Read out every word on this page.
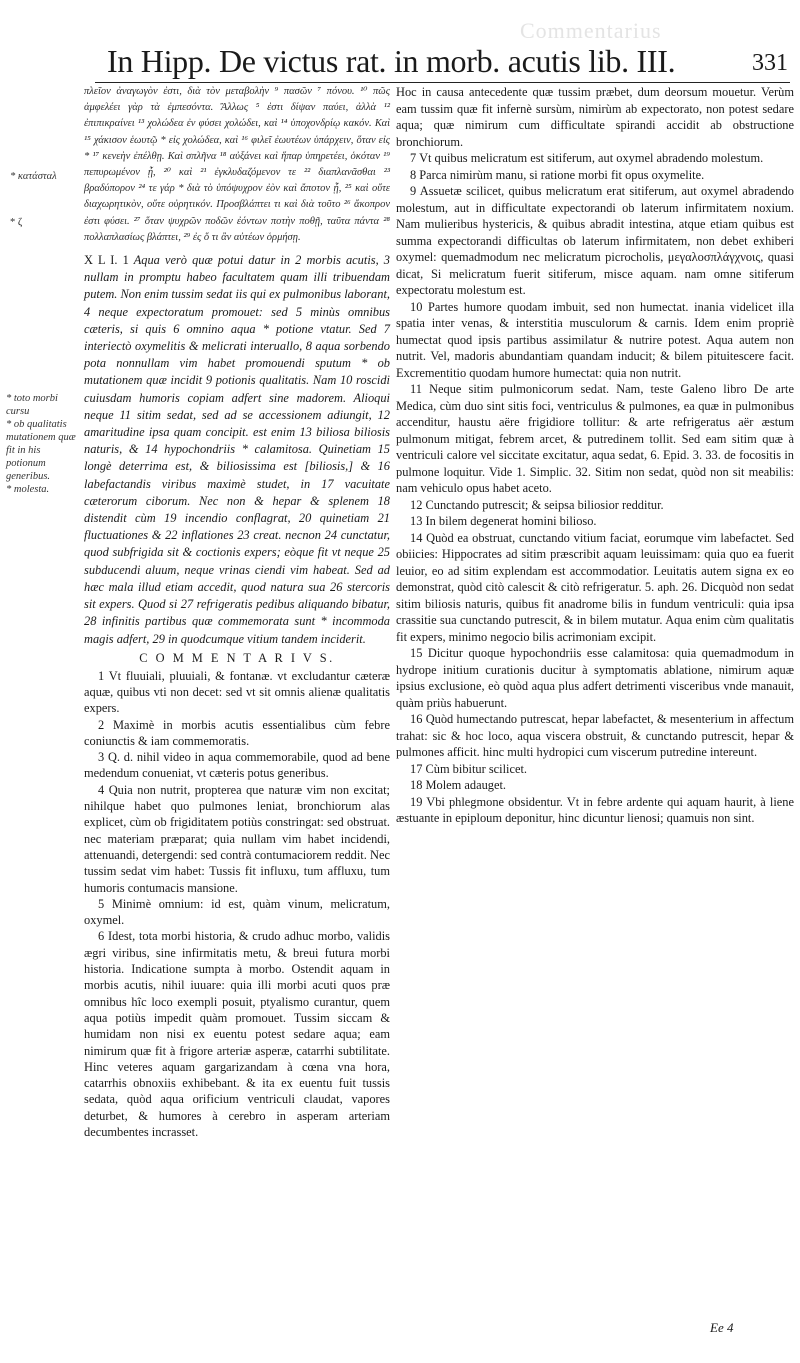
Commentarius
In Hipp. De victus rat. in morb. acutis lib. III.	331
* κατάσταλ
* ζ
* toto morbi cursu
* ob qualitatis mutationem quæ fit in his potionum generibus.
* molesta.

πλεῖον ἀναγωγὸν ἐστι, διὰ τὸν μεταβολὴν ⁹ πασῶν ⁷ πόνου. ¹⁰ πῶς ἀμφελέει γὰρ τὰ ἐμπεσόντα. Ἄλλως ⁵ ἐστι δίψαν παύει, ἀλλὰ ¹² ἐπιπικραίνει ¹³ χολώδεα ἐν φύσει χολώδει, καὶ ¹⁴ ὑποχονδρίῳ κακόν. Καὶ ¹⁵ χάκισον ἑωυτῷ * εἰς χολώδεα, καὶ ¹⁶ φιλεῖ ἐωυτέων ὑπάρχειν, ὅταν εἰς * ¹⁷ κενεὴν ἐπέλθῃ. Καὶ σπλῆνα ¹⁸ αὐξάνει καὶ ἥπαρ ὑπηρετέει, ὁκόταν ¹⁹ πεπυρωμένον ᾖ, ²⁰ καὶ ²¹ ἐγκλυδαζόμενον τε ²² διαπλανᾶσθαι ²³ βραδύπορον ²⁴ τε γάρ * διὰ τὸ ὑπόψυχρον ἐὸν καὶ ἄποτον ᾖ, ²⁵ καὶ οὔτε διαχωρητικὸν, οὔτε οὐρητικόν. Προσβλάπτει τι καὶ διὰ τοῦτο ²⁶ ἄκοπρον ἐστι φύσει. ²⁷ ὅταν ψυχρῶν ποδῶν ἐόντων ποτὴν ποθῇ, ταῦτα πάντα ²⁸ πολλαπλασίως βλάπτει, ²⁹ ἐς ὅ τι ἂν αὐτέων ὁρμήσῃ.

X L I. 1 Aqua verò quæ potui datur in 2 morbis acutis, 3 nullam in promptu habeo facultatem quam illi tribuendam putem. Non enim tussim sedat iis qui ex pulmonibus laborant, 4 neque expectoratum promouet: sed 5 minùs omnibus cæteris, si quis 6 omnino aqua * potione vtatur. Sed 7 interiectò oxymelitis & melicrati interuallo, 8 aqua sorbendo pota nonnullam vim habet promouendi sputum * ob mutationem quæ incidit 9 potionis qualitatis. Nam 10 roscidi cuiusdam humoris copiam adfert sine madorem. Alioqui neque 11 sitim sedat, sed ad se accessionem adiungit, 12 amaritudine ipsa quam concipit. est enim 13 biliosa biliosis naturis, & 14 hypochondriis * calamitosa. Quinetiam 15 longè deterrima est, & biliosissima est [biliosis,] & 16 labefactandis viribus maximè studet, in 17 vacuitate cæterorum ciborum. Nec non & hepar & splenem 18 distendit cùm 19 incendio conflagrat, 20 quinetiam 21 fluctuationes & 22 inflationes 23 creat. necnon 24 cunctatur, quod subfrigida sit & coctionis expers; eòque fit vt neque 25 subducendi aluum, neque vrinas ciendi vim habeat. Sed ad hæc mala illud etiam accedit, quod natura sua 26 stercoris sit expers. Quod si 27 refrigeratis pedibus aliquando bibatur, 28 infinitis partibus quæ commemorata sunt * incommoda magis adfert, 29 in quodcumque vitium tandem inciderit.

C O M M E N T A R I V S.

1 Vt fluuiali, pluuiali, & fontanæ. vt excludantur cæteræ aquæ, quibus vti non decet: sed vt sit omnis alienæ qualitatis expers.

2 Maximè in morbis acutis essentialibus cùm febre coniunctis & iam commemoratis.

3 Q. d. nihil video in aqua commemorabile, quod ad bene medendum conueniat, vt cæteris potus generibus.

4 Quia non nutrit, propterea que naturæ vim non excitat; nihilque habet quo pulmones leniat, bronchiorum alas explicet, cùm ob frigiditatem potiùs constringat: sed obstruat. nec materiam præparat; quia nullam vim habet incidendi, attenuandi, detergendi: sed contrà contumaciorem reddit. Nec tussim sedat vim habet: Tussis fit influxu, tum affluxu, tum humoris contumacis mansione.

5 Minimè omnium: id est, quàm vinum, melicratum, oxymel.

6 Idest, tota morbi historia, & crudo adhuc morbo, validis ægri viribus, sine infirmitatis metu, & breui futura morbi historia. Indicatione sumpta à morbo. Ostendit aquam in morbis acutis, nihil iuuare: quia illi morbi acuti quos præ omnibus hîc loco exempli posuit, ptyalismo curantur, quem aqua potiùs impedit quàm promouet. Tussim siccam & humidam non nisi ex euentu potest sedare aqua; eam nimirum quæ fit à frigore arteriæ asperæ, catarrhi subtilitate. Hinc veteres aquam gargarizandam à cœna vna hora, catarrhis obnoxiis exhibebant. & ita ex euentu fuit tussis sedata, quòd aqua orificium ventriculi claudat, vapores deturbet, & humores à cerebro in asperam arteriam decumbentes incrasset.

Hoc in causa antecedente quæ tussim præbet, dum deorsum mouetur. Verùm eam tussim quæ fit infernè sursùm, nimirùm ab expectorato, non potest sedare aqua; quæ nimirum cum difficultate spirandi accidit ab obstructione bronchiorum.

7 Vt quibus melicratum est sitiferum, aut oxymel abradendo molestum.

8 Parca nimirùm manu, si ratione morbi fit opus oxymelite.

9 Assuetæ scilicet, quibus melicratum erat sitiferum, aut oxymel abradendo molestum, aut in difficultate expectorandi ob laterum infirmitatem noxium. Nam mulieribus hystericis, & quibus abradit intestina, atque etiam quibus est summa expectorandi difficultas ob laterum infirmitatem, non debet exhiberi oxymel: quemadmodum nec melicratum picrocholis, μεγαλοσπλάγχνοις, quasi dicat, Si melicratum fuerit sitiferum, misce aquam. nam omne sitiferum expectoratu molestum est.

10 Partes humore quodam imbuit, sed non humectat. inania videlicet illa spatia inter venas, & interstitia musculorum & carnis. Idem enim propriè humectat quod ipsis partibus assimilatur & nutrire potest. Aqua autem non nutrit. Vel, madoris abundantiam quandam inducit; & bilem pituitescere facit. Excrementitio quodam humore humectat: quia non nutrit.

11 Neque sitim pulmonicorum sedat. Nam, teste Galeno libro De arte Medica, cùm duo sint sitis foci, ventriculus & pulmones, ea quæ in pulmonibus accenditur, haustu aëre frigidiore tollitur: & arte refrigeratus aër æstum pulmonum mitigat, febrem arcet, & putredinem tollit. Sed eam sitim quæ à ventriculi calore vel siccitate excitatur, aqua sedat, 6. Epid. 3. 33. de focositis in pulmone loquitur. Vide 1. Simplic. 32. Sitim non sedat, quòd non sit meabilis: nam vehiculo opus habet aceto.

12 Cunctando putrescit; & seipsa biliosior redditur.

13 In bilem degenerat homini bilioso.

14 Quòd ea obstruat, cunctando vitium faciat, eorumque vim labefactet. Sed obiicies: Hippocrates ad sitim præscribit aquam leuissimam: quia quo ea fuerit leuior, eo ad sitim explendam est accommodatior. Leuitatis autem signa ex eo demonstrat, quòd citò calescit & citò refrigeratur. 5. aph. 26. Dicquòd non sedat sitim biliosis naturis, quibus fit anadrome bilis in fundum ventriculi: quia ipsa crassitie sua cunctando putrescit, & in bilem mutatur. Aqua enim cùm qualitatis fit expers, minimo negocio bilis acrimoniam excipit.

15 Dicitur quoque hypochondriis esse calamitosa: quia quemadmodum in hydrope initium curationis ducitur à symptomatis ablatione, nimirum aquæ ipsius exclusione, eò quòd aqua plus adfert detrimenti visceribus vnde manauit, quàm priùs habuerunt.

16 Quòd humectando putrescat, hepar labefactet, & mesenterium in affectum trahat: sic & hoc loco, aqua viscera obstruit, & cunctando putrescit, hepar & pulmones afficit. hinc multi hydropici cum viscerum putredine intereunt.

17 Cùm bibitur scilicet.

18 Molem adauget.

19 Vbi phlegmone obsidentur. Vt in febre ardente qui aquam haurit, à liene æstuante in epiploum deponitur, hinc dicuntur lienosi; quamuis non sint.

Ee 4
